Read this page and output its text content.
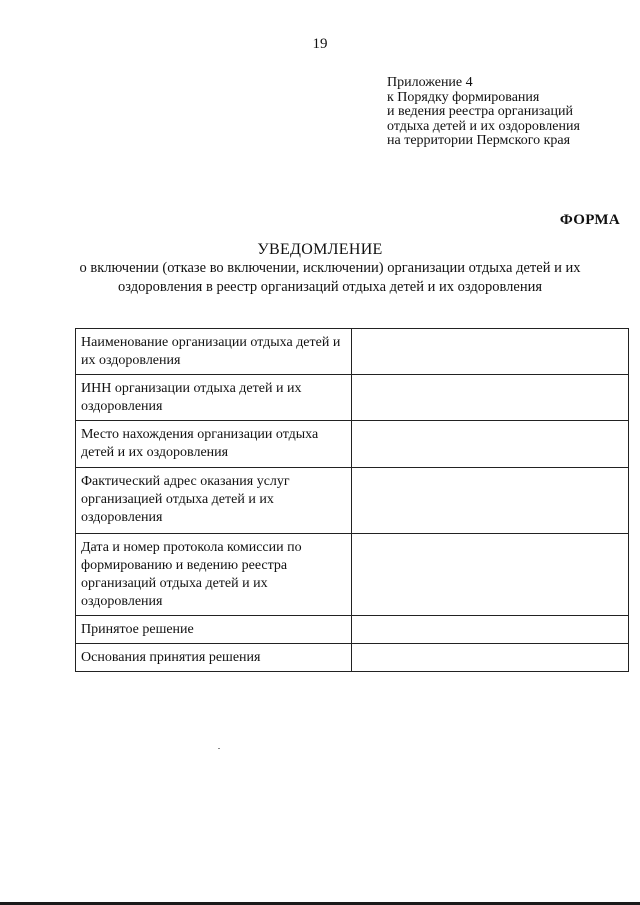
19
Приложение 4
к Порядку формирования
и ведения реестра организаций
отдыха детей и их оздоровления
на территории Пермского края
ФОРМА
УВЕДОМЛЕНИЕ
о включении (отказе во включении, исключении) организации отдыха детей и их оздоровления в реестр организаций отдыха детей и их оздоровления
Наименование организации отдыха детей и их оздоровления	
ИНН организации отдыха детей и их оздоровления	
Место нахождения организации отдыха детей и их оздоровления	
Фактический адрес оказания услуг организацией отдыха детей и их оздоровления	
Дата и номер протокола комиссии по формированию и ведению реестра организаций отдыха детей и их оздоровления	
Принятое решение	
Основания принятия решения	
